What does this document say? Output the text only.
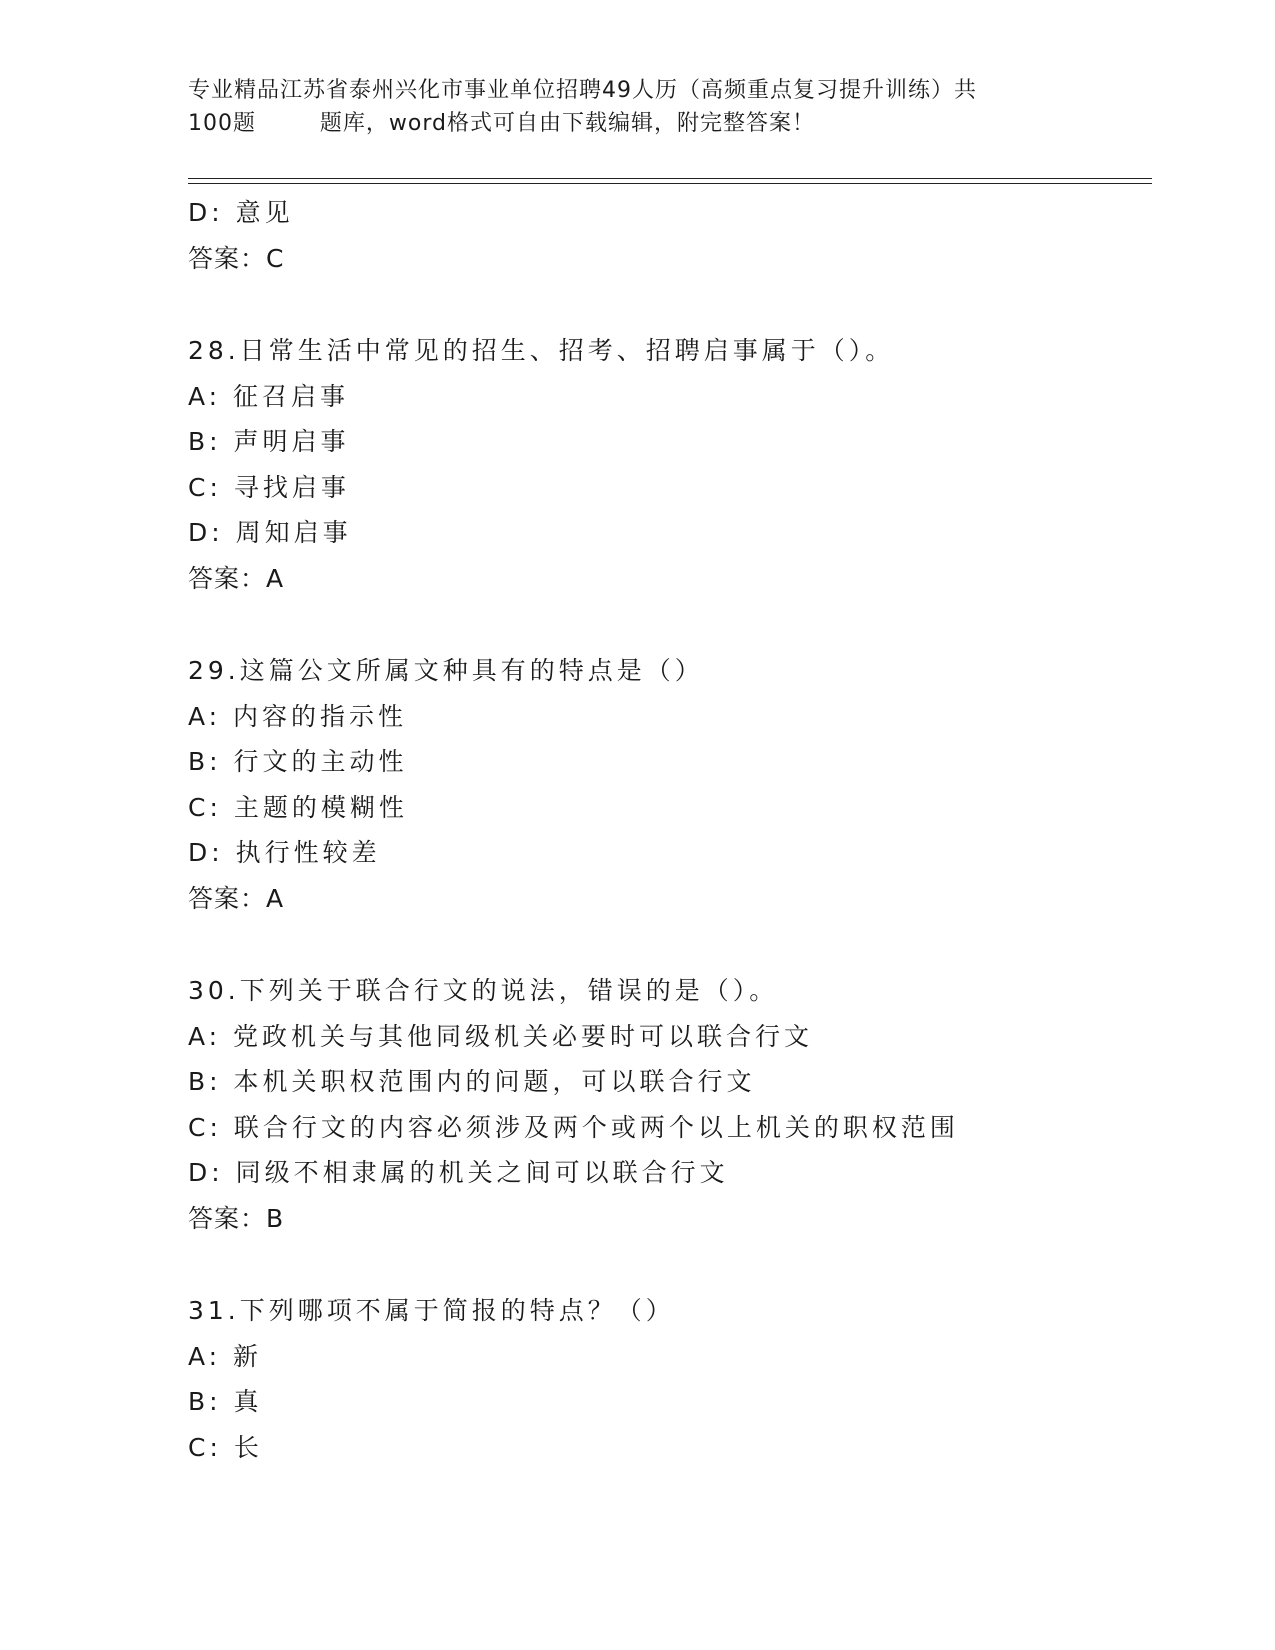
专业精品江苏省泰州兴化市事业单位招聘49人历（高频重点复习提升训练）共
100题        题库，word格式可自由下载编辑，附完整答案！
D: 意见
答案：C
28.日常生活中常见的招生、招考、招聘启事属于（）。
A: 征召启事
B: 声明启事
C: 寻找启事
D: 周知启事
答案：A
29.这篇公文所属文种具有的特点是（）
A: 内容的指示性
B: 行文的主动性
C: 主题的模糊性
D: 执行性较差
答案：A
30.下列关于联合行文的说法，错误的是（）。
A: 党政机关与其他同级机关必要时可以联合行文
B: 本机关职权范围内的问题，可以联合行文
C: 联合行文的内容必须涉及两个或两个以上机关的职权范围
D: 同级不相隶属的机关之间可以联合行文
答案：B
31.下列哪项不属于简报的特点？（）
A: 新
B: 真
C: 长
